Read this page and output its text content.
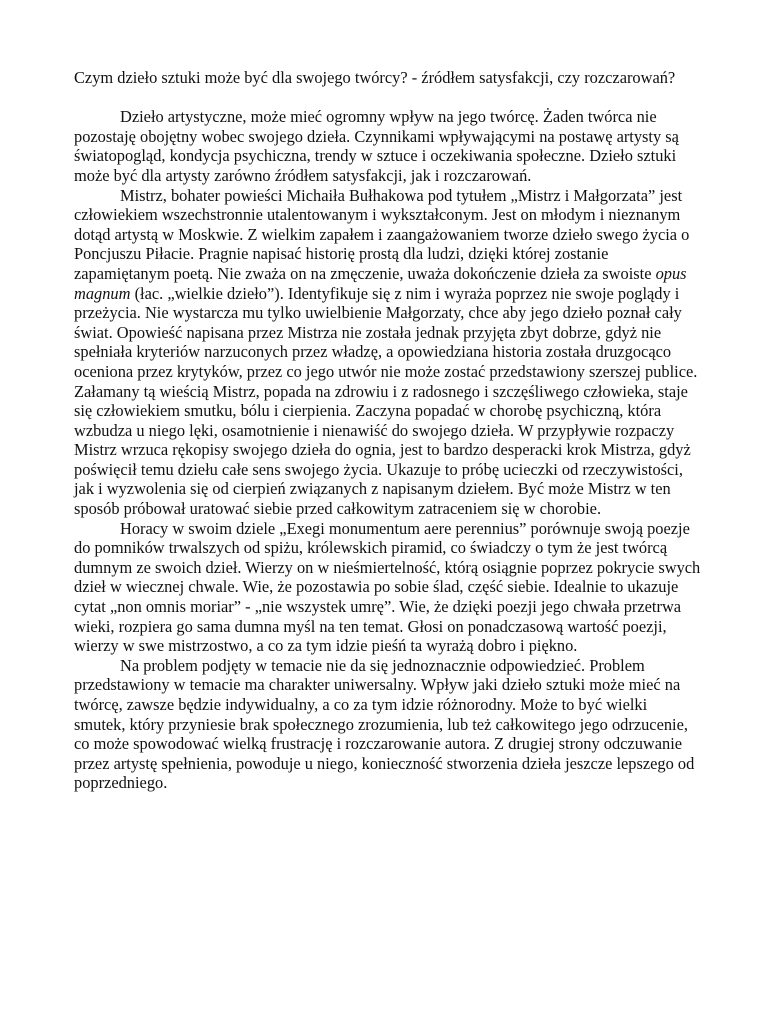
Czym dzieło sztuki może być dla swojego twórcy? - źródłem satysfakcji, czy rozczarowań?

Dzieło artystyczne, może mieć ogromny wpływ na jego twórcę. Żaden twórca nie pozostaję obojętny wobec swojego dzieła. Czynnikami wpływającymi na postawę artysty są światopogląd, kondycja psychiczna, trendy w sztuce i oczekiwania społeczne. Dzieło sztuki może być dla artysty zarówno źródłem satysfakcji, jak i rozczarowań.

Mistrz, bohater powieści Michaiła Bułhakowa pod tytułem „Mistrz i Małgorzata” jest człowiekiem wszechstronnie utalentowanym i wykształconym. Jest on młodym i nieznanym dotąd artystą w Moskwie. Z wielkim zapałem i zaangażowaniem tworze dzieło swego życia o Poncjuszu Piłacie. Pragnie napisać historię prostą dla ludzi, dzięki której zostanie zapamiętanym poetą. Nie zważa on na zmęczenie, uważa dokończenie dzieła za swoiste opus magnum (łac. „wielkie dzieło”). Identyfikuje się z nim i wyraża poprzez nie swoje poglądy i przeżycia. Nie wystarcza mu tylko uwielbienie Małgorzaty, chce aby jego dzieło poznał cały świat. Opowieść napisana przez Mistrza nie została jednak przyjęta zbyt dobrze, gdyż nie spełniała kryteriów narzuconych przez władzę, a opowiedziana historia została druzgocąco oceniona przez krytyków, przez co jego utwór nie może zostać przedstawiony szerszej publice. Załamany tą wieścią Mistrz, popada na zdrowiu i z radosnego i szczęśliwego człowieka, staje się człowiekiem smutku, bólu i cierpienia. Zaczyna popadać w chorobę psychiczną, która wzbudza u niego lęki, osamotnienie i nienawiść do swojego dzieła. W przypływie rozpaczy Mistrz wrzuca rękopisy swojego dzieła do ognia, jest to bardzo desperacki krok Mistrza, gdyż poświęcił temu dziełu całe sens swojego życia. Ukazuje to próbę ucieczki od rzeczywistości, jak i wyzwolenia się od cierpień związanych z napisanym dziełem. Być może Mistrz w ten sposób próbował uratować siebie przed całkowitym zatraceniem się w chorobie.

Horacy w swoim dziele „Exegi monumentum aere perennius” porównuje swoją poezje do pomników trwalszych od spiżu, królewskich piramid, co świadczy o tym że jest twórcą dumnym ze swoich dzieł. Wierzy on w nieśmiertelność, którą osiągnie poprzez pokrycie swych dzieł w wiecznej chwale. Wie, że pozostawia po sobie ślad, część siebie. Idealnie to ukazuje cytat „non omnis moriar” - „nie wszystek umrę”. Wie, że dzięki poezji jego chwała przetrwa wieki, rozpiera go sama dumna myśl na ten temat. Głosi on ponadczasową wartość poezji, wierzy w swe mistrzostwo, a co za tym idzie pieśń ta wyrażą dobro i piękno.

Na problem podjęty w temacie nie da się jednoznacznie odpowiedzieć. Problem przedstawiony w temacie ma charakter uniwersalny. Wpływ jaki dzieło sztuki może mieć na twórcę, zawsze będzie indywidualny, a co za tym idzie różnorodny. Może to być wielki smutek, który przyniesie brak społecznego zrozumienia, lub też całkowitego jego odrzucenie, co może spowodować wielką frustrację i rozczarowanie autora. Z drugiej strony odczuwanie przez artystę spełnienia, powoduje u niego, konieczność stworzenia dzieła jeszcze lepszego od poprzedniego.
